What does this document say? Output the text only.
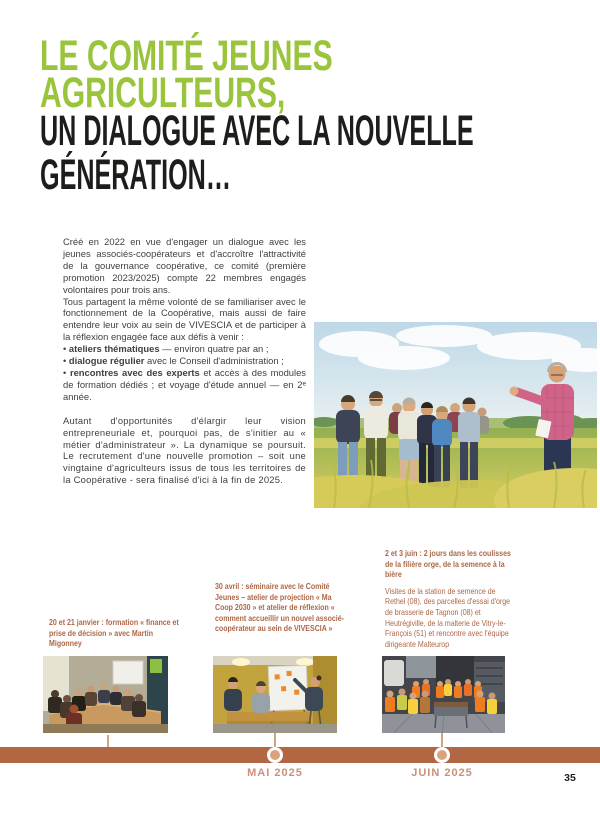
LE COMITÉ JEUNES
AGRICULTEURS,
UN DIALOGUE AVEC LA NOUVELLE
GÉNÉRATION…

Créé en 2022 en vue d'engager un dialogue avec les jeunes associés-coopérateurs et d'accroître l'attractivité de la gouvernance coopérative, ce comité (première promotion 2023/2025) compte 22 membres engagés volontaires pour trois ans.

Tous partagent la même volonté de se familiariser avec le fonctionnement de la Coopérative, mais aussi de faire entendre leur voix au sein de VIVESCIA et de participer à la réflexion engagée face aux défis à venir :

• ateliers thématiques — environ quatre par an ;

• dialogue régulier avec le Conseil d'administration ;

• rencontres avec des experts et accès à des modules de formation dédiés ; et voyage d'étude annuel — en 2ᵉ année.

Autant d'opportunités d'élargir leur vision entrepreneuriale et, pourquoi pas, de s'initier au « métier d'administrateur ». La dynamique se poursuit. Le recrutement d'une nouvelle promotion – soit une vingtaine d'agriculteurs issus de tous les territoires de la Coopérative - sera finalisé d'ici à la fin de 2025.

20 et 21 janvier : formation « finance et prise de décision » avec Martin Migonney

30 avril : séminaire avec le Comité Jeunes – atelier de projection « Ma Coop 2030 » et atelier de réflexion « comment accueillir un nouvel associé-coopérateur au sein de VIVESCIA »

2 et 3 juin : 2 jours dans les coulisses de la filière orge, de la semence à la bière

Visites de la station de semence de Rethel (08), des parcelles d'essai d'orge de brasserie de Tagnon (08) et Heutrégiville, de la malterie de Vitry-le-François (51) et rencontre avec l'équipe dirigeante Malteurop

MAI 2025	JUIN 2025	35
